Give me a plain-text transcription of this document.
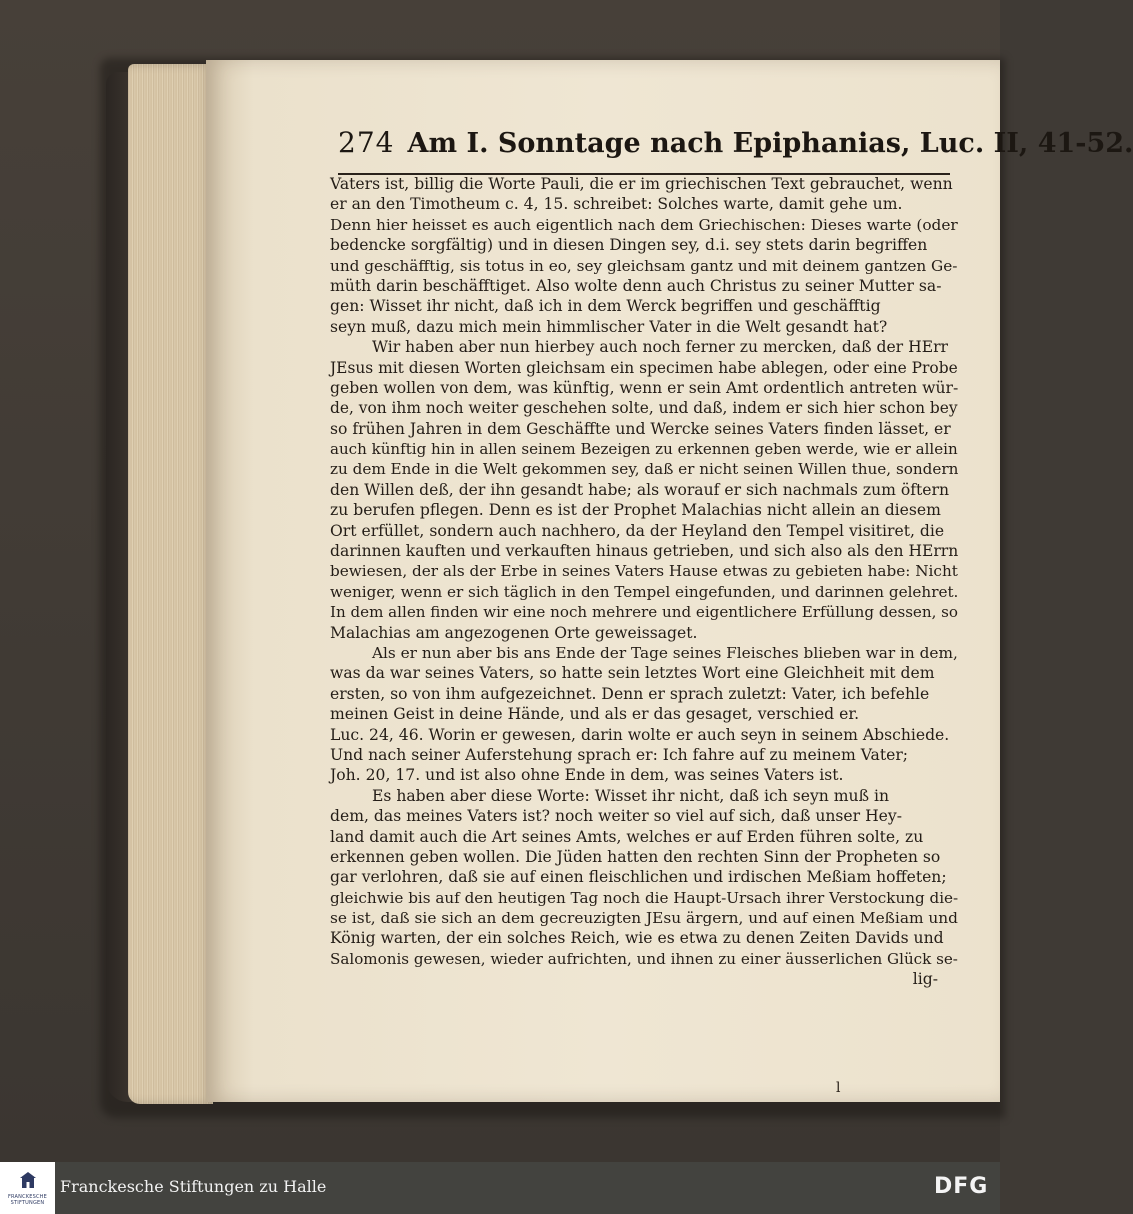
274 Am I. Sonntage nach Epiphanias, Luc. II, 41-52.
Vaters ist, billig die Worte Pauli, die er im griechischen Text gebrauchet, wenn
er an den Timotheum c. 4, 15. schreibet: Solches warte, damit gehe um.
Denn hier heisset es auch eigentlich nach dem Griechischen: Dieses warte (oder
bedencke sorgfältig) und in diesen Dingen sey, d.i. sey stets darin begriffen
und geschäfftig, sis totus in eo, sey gleichsam gantz und mit deinem gantzen Ge-
müth darin beschäfftiget. Also wolte denn auch Christus zu seiner Mutter sa-
gen: Wisset ihr nicht, daß ich in dem Werck begriffen und geschäfftig
seyn muß, dazu mich mein himmlischer Vater in die Welt gesandt hat?
Wir haben aber nun hierbey auch noch ferner zu mercken, daß der HErr
JEsus mit diesen Worten gleichsam ein specimen habe ablegen, oder eine Probe
geben wollen von dem, was künftig, wenn er sein Amt ordentlich antreten wür-
de, von ihm noch weiter geschehen solte, und daß, indem er sich hier schon bey
so frühen Jahren in dem Geschäffte und Wercke seines Vaters finden lässet, er
auch künftig hin in allen seinem Bezeigen zu erkennen geben werde, wie er allein
zu dem Ende in die Welt gekommen sey, daß er nicht seinen Willen thue, sondern
den Willen deß, der ihn gesandt habe; als worauf er sich nachmals zum öftern
zu berufen pflegen. Denn es ist der Prophet Malachias nicht allein an diesem
Ort erfüllet, sondern auch nachhero, da der Heyland den Tempel visitiret, die
darinnen kauften und verkauften hinaus getrieben, und sich also als den HErrn
bewiesen, der als der Erbe in seines Vaters Hause etwas zu gebieten habe: Nicht
weniger, wenn er sich täglich in den Tempel eingefunden, und darinnen gelehret.
In dem allen finden wir eine noch mehrere und eigentlichere Erfüllung dessen, so
Malachias am angezogenen Orte geweissaget.
Als er nun aber bis ans Ende der Tage seines Fleisches blieben war in dem,
was da war seines Vaters, so hatte sein letztes Wort eine Gleichheit mit dem
ersten, so von ihm aufgezeichnet. Denn er sprach zuletzt: Vater, ich befehle
meinen Geist in deine Hände, und als er das gesaget, verschied er.
Luc. 24, 46. Worin er gewesen, darin wolte er auch seyn in seinem Abschiede.
Und nach seiner Auferstehung sprach er: Ich fahre auf zu meinem Vater;
Joh. 20, 17. und ist also ohne Ende in dem, was seines Vaters ist.
Es haben aber diese Worte: Wisset ihr nicht, daß ich seyn muß in
dem, das meines Vaters ist? noch weiter so viel auf sich, daß unser Hey-
land damit auch die Art seines Amts, welches er auf Erden führen solte, zu
erkennen geben wollen. Die Jüden hatten den rechten Sinn der Propheten so
gar verlohren, daß sie auf einen fleischlichen und irdischen Meßiam hoffeten;
gleichwie bis auf den heutigen Tag noch die Haupt-Ursach ihrer Verstockung die-
se ist, daß sie sich an dem gecreuzigten JEsu ärgern, und auf einen Meßiam und
König warten, der ein solches Reich, wie es etwa zu denen Zeiten Davids und
Salomonis gewesen, wieder aufrichten, und ihnen zu einer äusserlichen Glück se-
lig-
l
FRANCKESCHE STIFTUNGEN
Franckesche Stiftungen zu Halle	DFG
